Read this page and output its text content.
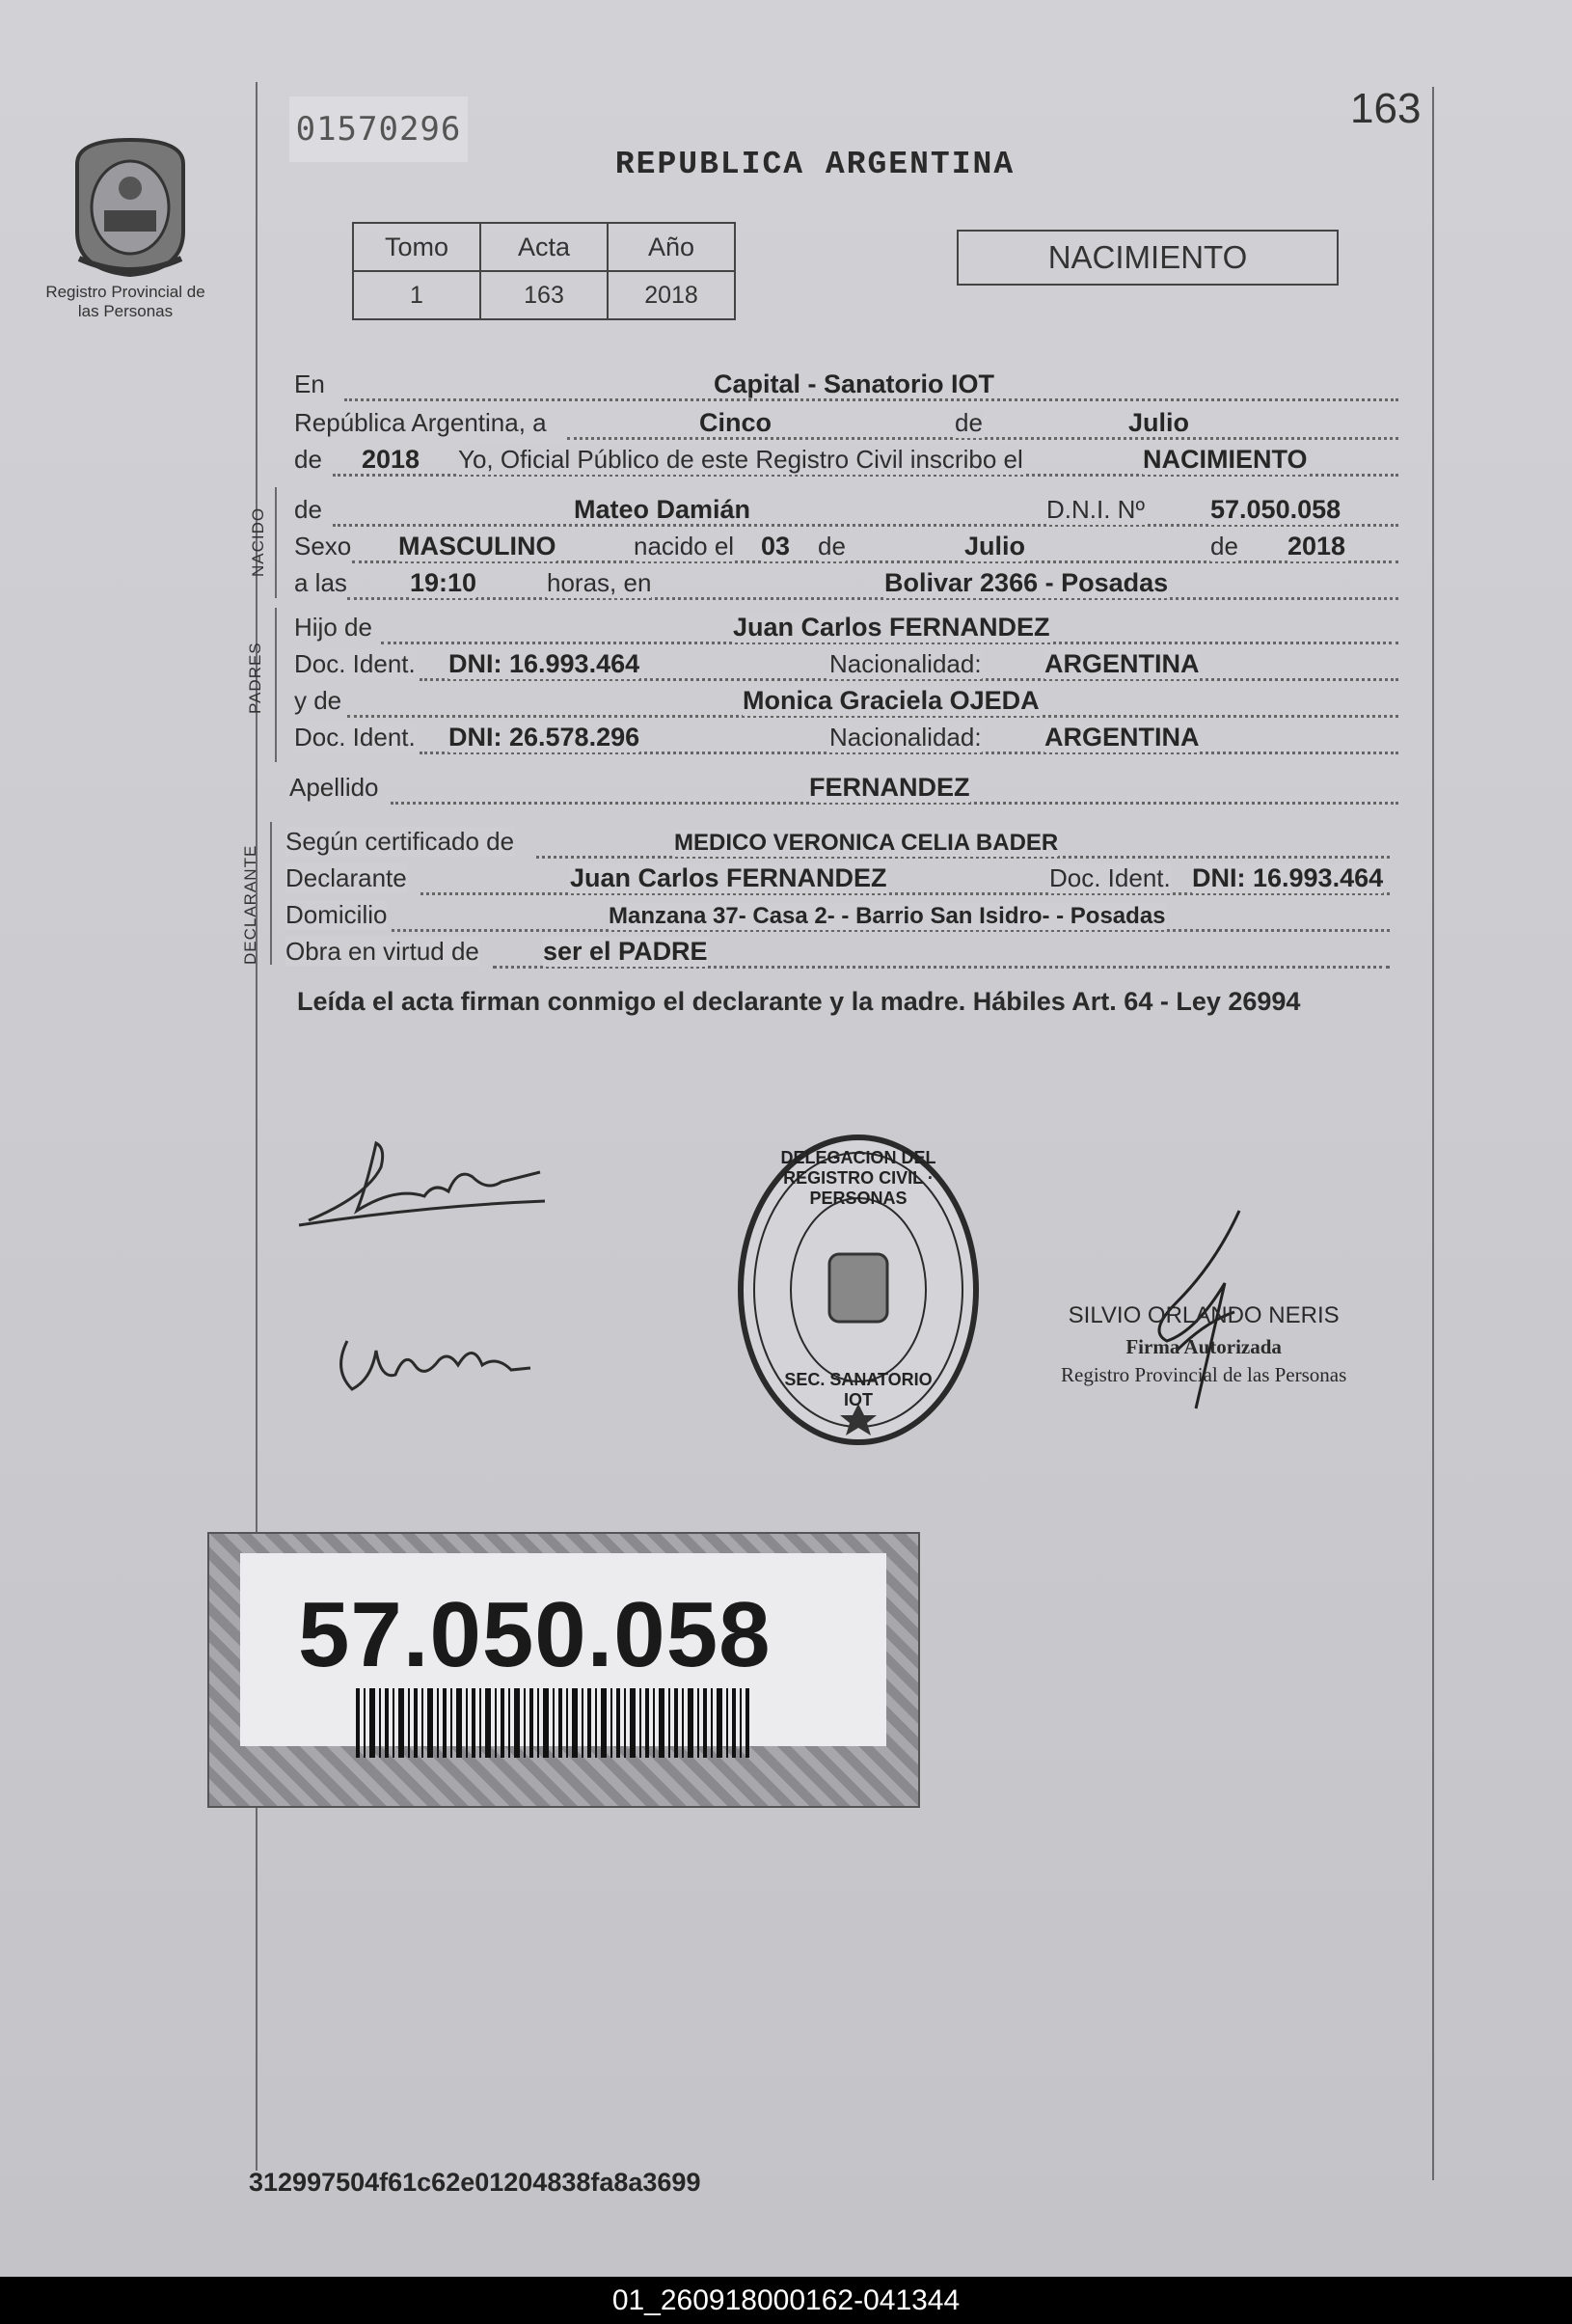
01570296	163
REPUBLICA ARGENTINA
Registro Provincial de las Personas
Tomo	Acta	Año
1	163	2018
NACIMIENTO
En	Capital - Sanatorio IOT
República Argentina, a	Cinco	de	Julio
de 2018 Yo, Oficial Público de este Registro Civil inscribo el	NACIMIENTO
NACIDO de	Mateo Damián	D.N.I. Nº	57.050.058
Sexo MASCULINO	nacido el 03 de	Julio	de 2018
a las 19:10	horas, en	Bolivar 2366 - Posadas
PADRES
Hijo de	Juan Carlos FERNANDEZ
Doc. Ident. DNI: 16.993.464	Nacionalidad: ARGENTINA
y de	Monica Graciela OJEDA
Doc. Ident. DNI: 26.578.296	Nacionalidad: ARGENTINA
Apellido	FERNANDEZ
DECLARANTE
Según certificado de	MEDICO VERONICA CELIA BADER
Declarante	Juan Carlos FERNANDEZ	Doc. Ident. DNI: 16.993.464
Domicilio	Manzana 37- Casa 2- - Barrio San Isidro- - Posadas
Obra en virtud de ser el PADRE
Leída el acta firman conmigo el declarante y la madre. Hábiles Art. 64 - Ley 26994
DELEGACION DEL REGISTRO CIVIL · PERSONAS
SEC. SANATORIO IOT
SILVIO ORLANDO NERIS
Firma Autorizada
Registro Provincial de las Personas
57.050.058
312997504f61c62e01204838fa8a3699
01_260918000162-041344
